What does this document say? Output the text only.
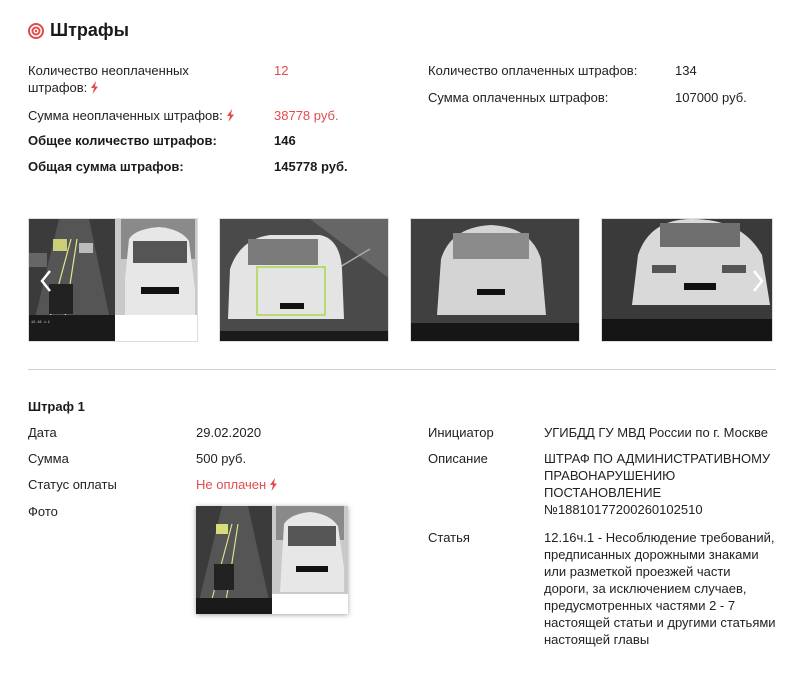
Штрафы
Количество неоплаченных штрафов:
12
Сумма неоплаченных штрафов:	38778 руб.
Общее количество штрафов:	146
Общая сумма штрафов:	145778 руб.
Количество оплаченных штрафов:	134
Сумма оплаченных штрафов:	107000 руб.
12.16 ч.1
Штраф 1
Дата	29.02.2020
Сумма	500 руб.
Статус оплаты	Не оплачен
Фото
Инициатор	УГИБДД ГУ МВД России по г. Москве
Описание	ШТРАФ ПО АДМИНИСТРАТИВНОМУ ПРАВОНАРУШЕНИЮ ПОСТАНОВЛЕНИЕ №18810177200260102510
Статья	12.16ч.1 - Несоблюдение требований, предписанных дорожными знаками или разметкой проезжей части дороги, за исключением случаев, предусмотренных частями 2 - 7 настоящей статьи и другими статьями настоящей главы
